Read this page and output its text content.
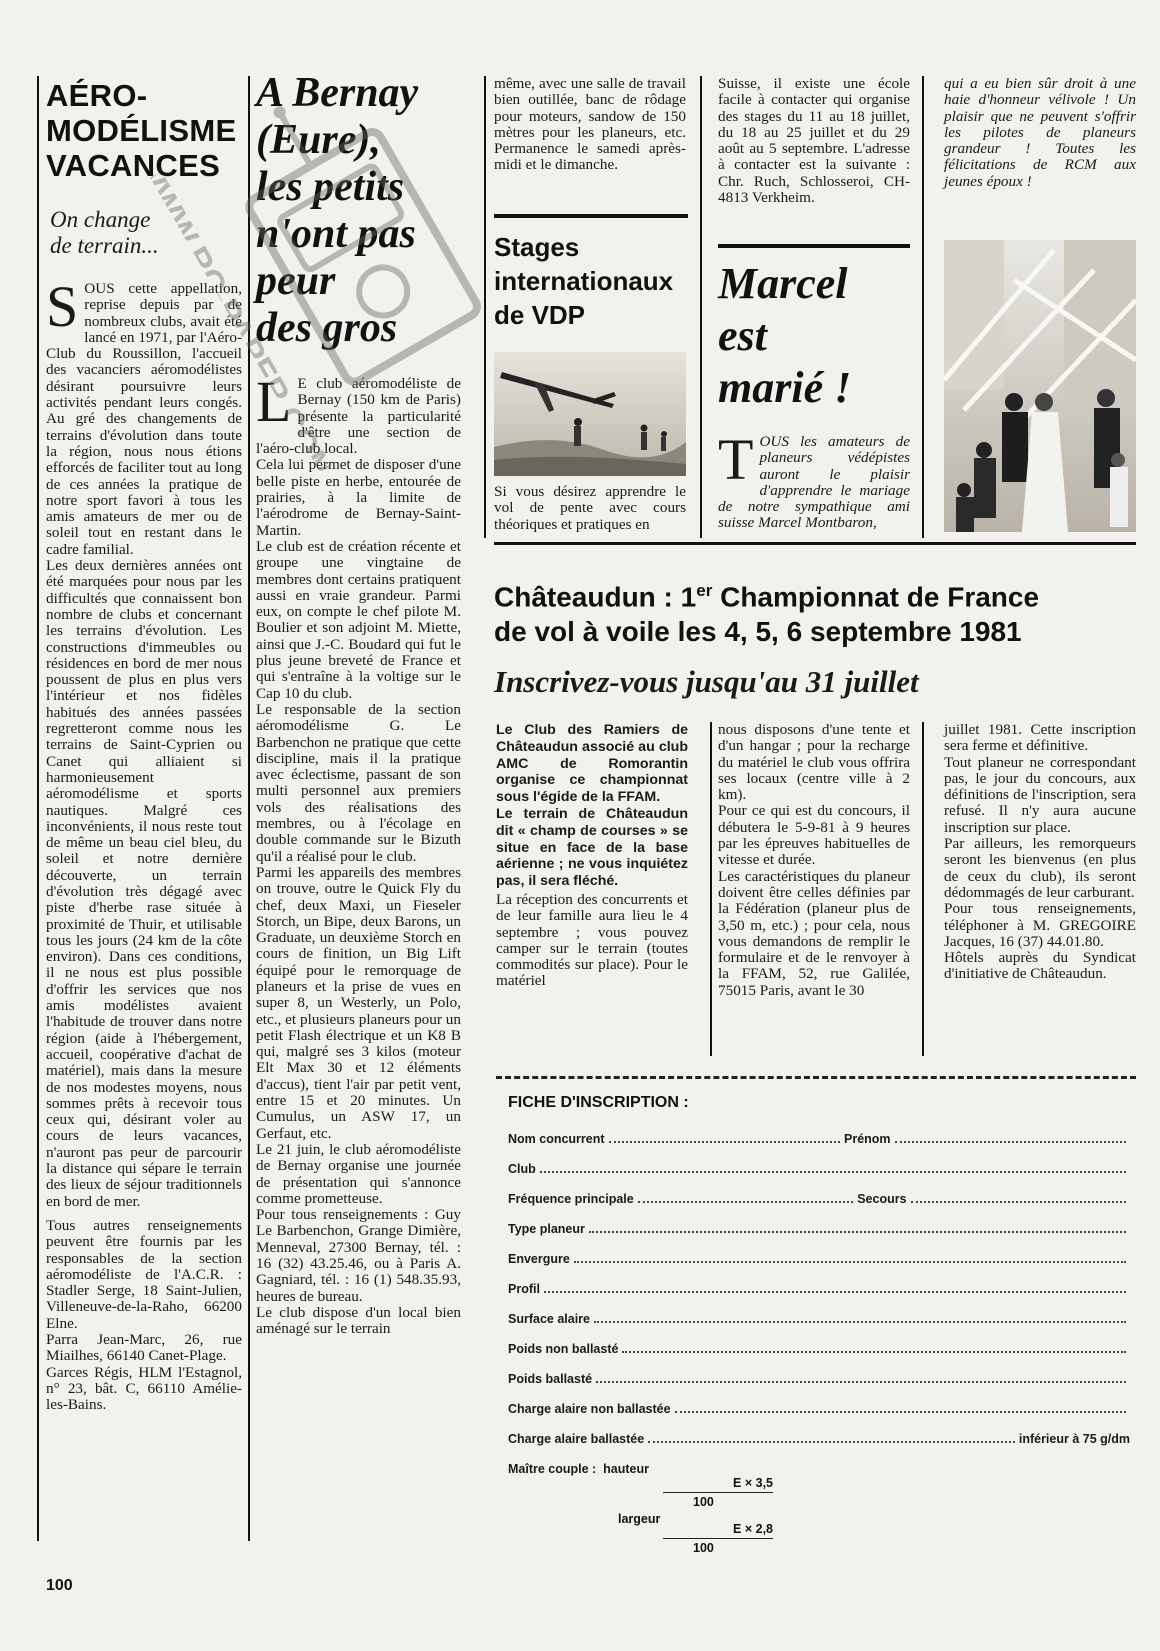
AÉRO-
MODÉLISME
VACANCES
On change
de terrain...
SOUS cette appellation, reprise depuis par de nombreux clubs, avait été lancé en 1971, par l'Aéro-Club du Roussillon, l'accueil des vacanciers aéromodélistes désirant poursuivre leurs activités pendant leurs congés. Au gré des changements de terrains d'évolution dans toute la région, nous nous étions efforcés de faciliter tout au long de ces années la pratique de notre sport favori à tous les amis amateurs de mer ou de soleil tout en restant dans le cadre familial.
Les deux dernières années ont été marquées pour nous par les difficultés que connaissent bon nombre de clubs et concernant les terrains d'évolution. Les constructions d'immeubles ou résidences en bord de mer nous poussent de plus en plus vers l'intérieur et nos fidèles habitués des années passées regretteront comme nous les terrains de Saint-Cyprien ou Canet qui alliaient si harmonieusement aéromodélisme et sports nautiques. Malgré ces inconvénients, il nous reste tout de même un beau ciel bleu, du soleil et notre dernière découverte, un terrain d'évolution très dégagé avec piste d'herbe rase située à proximité de Thuir, et utilisable tous les jours (24 km de la côte environ). Dans ces conditions, il ne nous est plus possible d'offrir les services que nos amis modélistes avaient l'habitude de trouver dans notre région (aide à l'hébergement, accueil, coopérative d'achat de matériel), mais dans la mesure de nos modestes moyens, nous sommes prêts à recevoir tous ceux qui, désirant voler au cours de leurs vacances, n'auront pas peur de parcourir la distance qui sépare le terrain des lieux de séjour traditionnels en bord de mer.
Tous autres renseignements peuvent être fournis par les responsables de la section aéromodéliste de l'A.C.R. : Stadler Serge, 18 Saint-Julien, Villeneuve-de-la-Raho, 66200 Elne.
Parra Jean-Marc, 26, rue Miailhes, 66140 Canet-Plage.
Garces Régis, HLM l'Estagnol, n° 23, bât. C, 66110 Amélie-les-Bains.
A Bernay
(Eure),
les petits
n'ont pas
peur
des gros
L E club aéromodéliste de Bernay (150 km de Paris) présente la particularité d'être une section de l'aéro-club local.
Cela lui permet de disposer d'une belle piste en herbe, entourée de prairies, à la limite de l'aérodrome de Bernay-Saint-Martin.
Le club est de création récente et groupe une vingtaine de membres dont certains pratiquent aussi en vraie grandeur. Parmi eux, on compte le chef pilote M. Boulier et son adjoint M. Miette, ainsi que J.-C. Boudard qui fut le plus jeune breveté de France et qui s'entraîne à la voltige sur le Cap 10 du club.
Le responsable de la section aéromodélisme G. Le Barbenchon ne pratique que cette discipline, mais il la pratique avec éclectisme, passant de son multi personnel aux premiers vols des réalisations des membres, ou à l'écolage en double commande sur le Bizuth qu'il a réalisé pour le club.
Parmi les appareils des membres on trouve, outre le Quick Fly du chef, deux Maxi, un Fieseler Storch, un Bipe, deux Barons, un Graduate, un deuxième Storch en cours de finition, un Big Lift équipé pour le remorquage de planeurs et la prise de vues en super 8, un Westerly, un Polo, etc., et plusieurs planeurs pour un petit Flash électrique et un K8 B qui, malgré ses 3 kilos (moteur Elt Max 30 et 12 éléments d'accus), tient l'air par petit vent, entre 15 et 20 minutes. Un Cumulus, un ASW 17, un Gerfaut, etc.
Le 21 juin, le club aéromodéliste de Bernay organise une journée de présentation qui s'annonce comme prometteuse.
Pour tous renseignements : Guy Le Barbenchon, Grange Dimière, Menneval, 27300 Bernay, tél. : 16 (32) 43.25.46, ou à Paris A. Gagniard, tél. : 16 (1) 548.35.93, heures de bureau.
Le club dispose d'un local bien aménagé sur le terrain
même, avec une salle de travail bien outillée, banc de rôdage pour moteurs, sandow de 150 mètres pour les planeurs, etc. Permanence le samedi après-midi et le dimanche.
Stages
internationaux
de VDP
Si vous désirez apprendre le vol de pente avec cours théoriques et pratiques en
Suisse, il existe une école facile à contacter qui organise des stages du 11 au 18 juillet, du 18 au 25 juillet et du 29 août au 5 septembre. L'adresse à contacter est la suivante : Chr. Ruch, Schlosseroi, CH-4813 Verkheim.
Marcel
est
marié !
TOUS les amateurs de planeurs védépistes auront le plaisir d'apprendre le mariage de notre sympathique ami suisse Marcel Montbaron,
qui a eu bien sûr droit à une haie d'honneur vélivole ! Un plaisir que ne peuvent s'offrir les pilotes de planeurs grandeur ! Toutes les félicitations de RCM aux jeunes époux !
Châteaudun : 1er Championnat de France
de vol à voile les 4, 5, 6 septembre 1981
Inscrivez-vous jusqu'au 31 juillet
Le Club des Ramiers de Châteaudun associé au club AMC de Romorantin organise ce championnat sous l'égide de la FFAM.
Le terrain de Châteaudun dit « champ de courses » se situe en face de la base aérienne ; ne vous inquiétez pas, il sera fléché.
La réception des concurrents et de leur famille aura lieu le 4 septembre ; vous pouvez camper sur le terrain (toutes commodités sur place). Pour le matériel
nous disposons d'une tente et d'un hangar ; pour la recharge du matériel le club vous offrira ses locaux (centre ville à 2 km).
Pour ce qui est du concours, il débutera le 5-9-81 à 9 heures par les épreuves habituelles de vitesse et durée.
Les caractéristiques du planeur doivent être celles définies par la Fédération (planeur plus de 3,50 m, etc.) ; pour cela, nous vous demandons de remplir le formulaire et de le renvoyer à la FFAM, 52, rue Galilée, 75015 Paris, avant le 30
juillet 1981. Cette inscription sera ferme et définitive.
Tout planeur ne correspondant pas, le jour du concours, aux définitions de l'inscription, sera refusé. Il n'y aura aucune inscription sur place.
Par ailleurs, les remorqueurs seront les bienvenus (en plus de ceux du club), ils seront dédommagés de leur carburant.
Pour tous renseignements, téléphoner à M. GREGOIRE Jacques, 16 (37) 44.01.80.
Hôtels auprès du Syndicat d'initiative de Châteaudun.
FICHE D'INSCRIPTION :
Nom concurrent	Prénom
Club
Fréquence principale	Secours
Type planeur
Envergure
Profil
Surface alaire
Poids non ballasté
Poids ballasté
Charge alaire non ballastée
Charge alaire ballastée	inférieur à 75 g/dm
Maître couple :
hauteur
$\frac{E \times 3,5}{100}$
largeur $\frac{E \times 2,8}{100}$
100
WWW.RC-PAPER.COM
